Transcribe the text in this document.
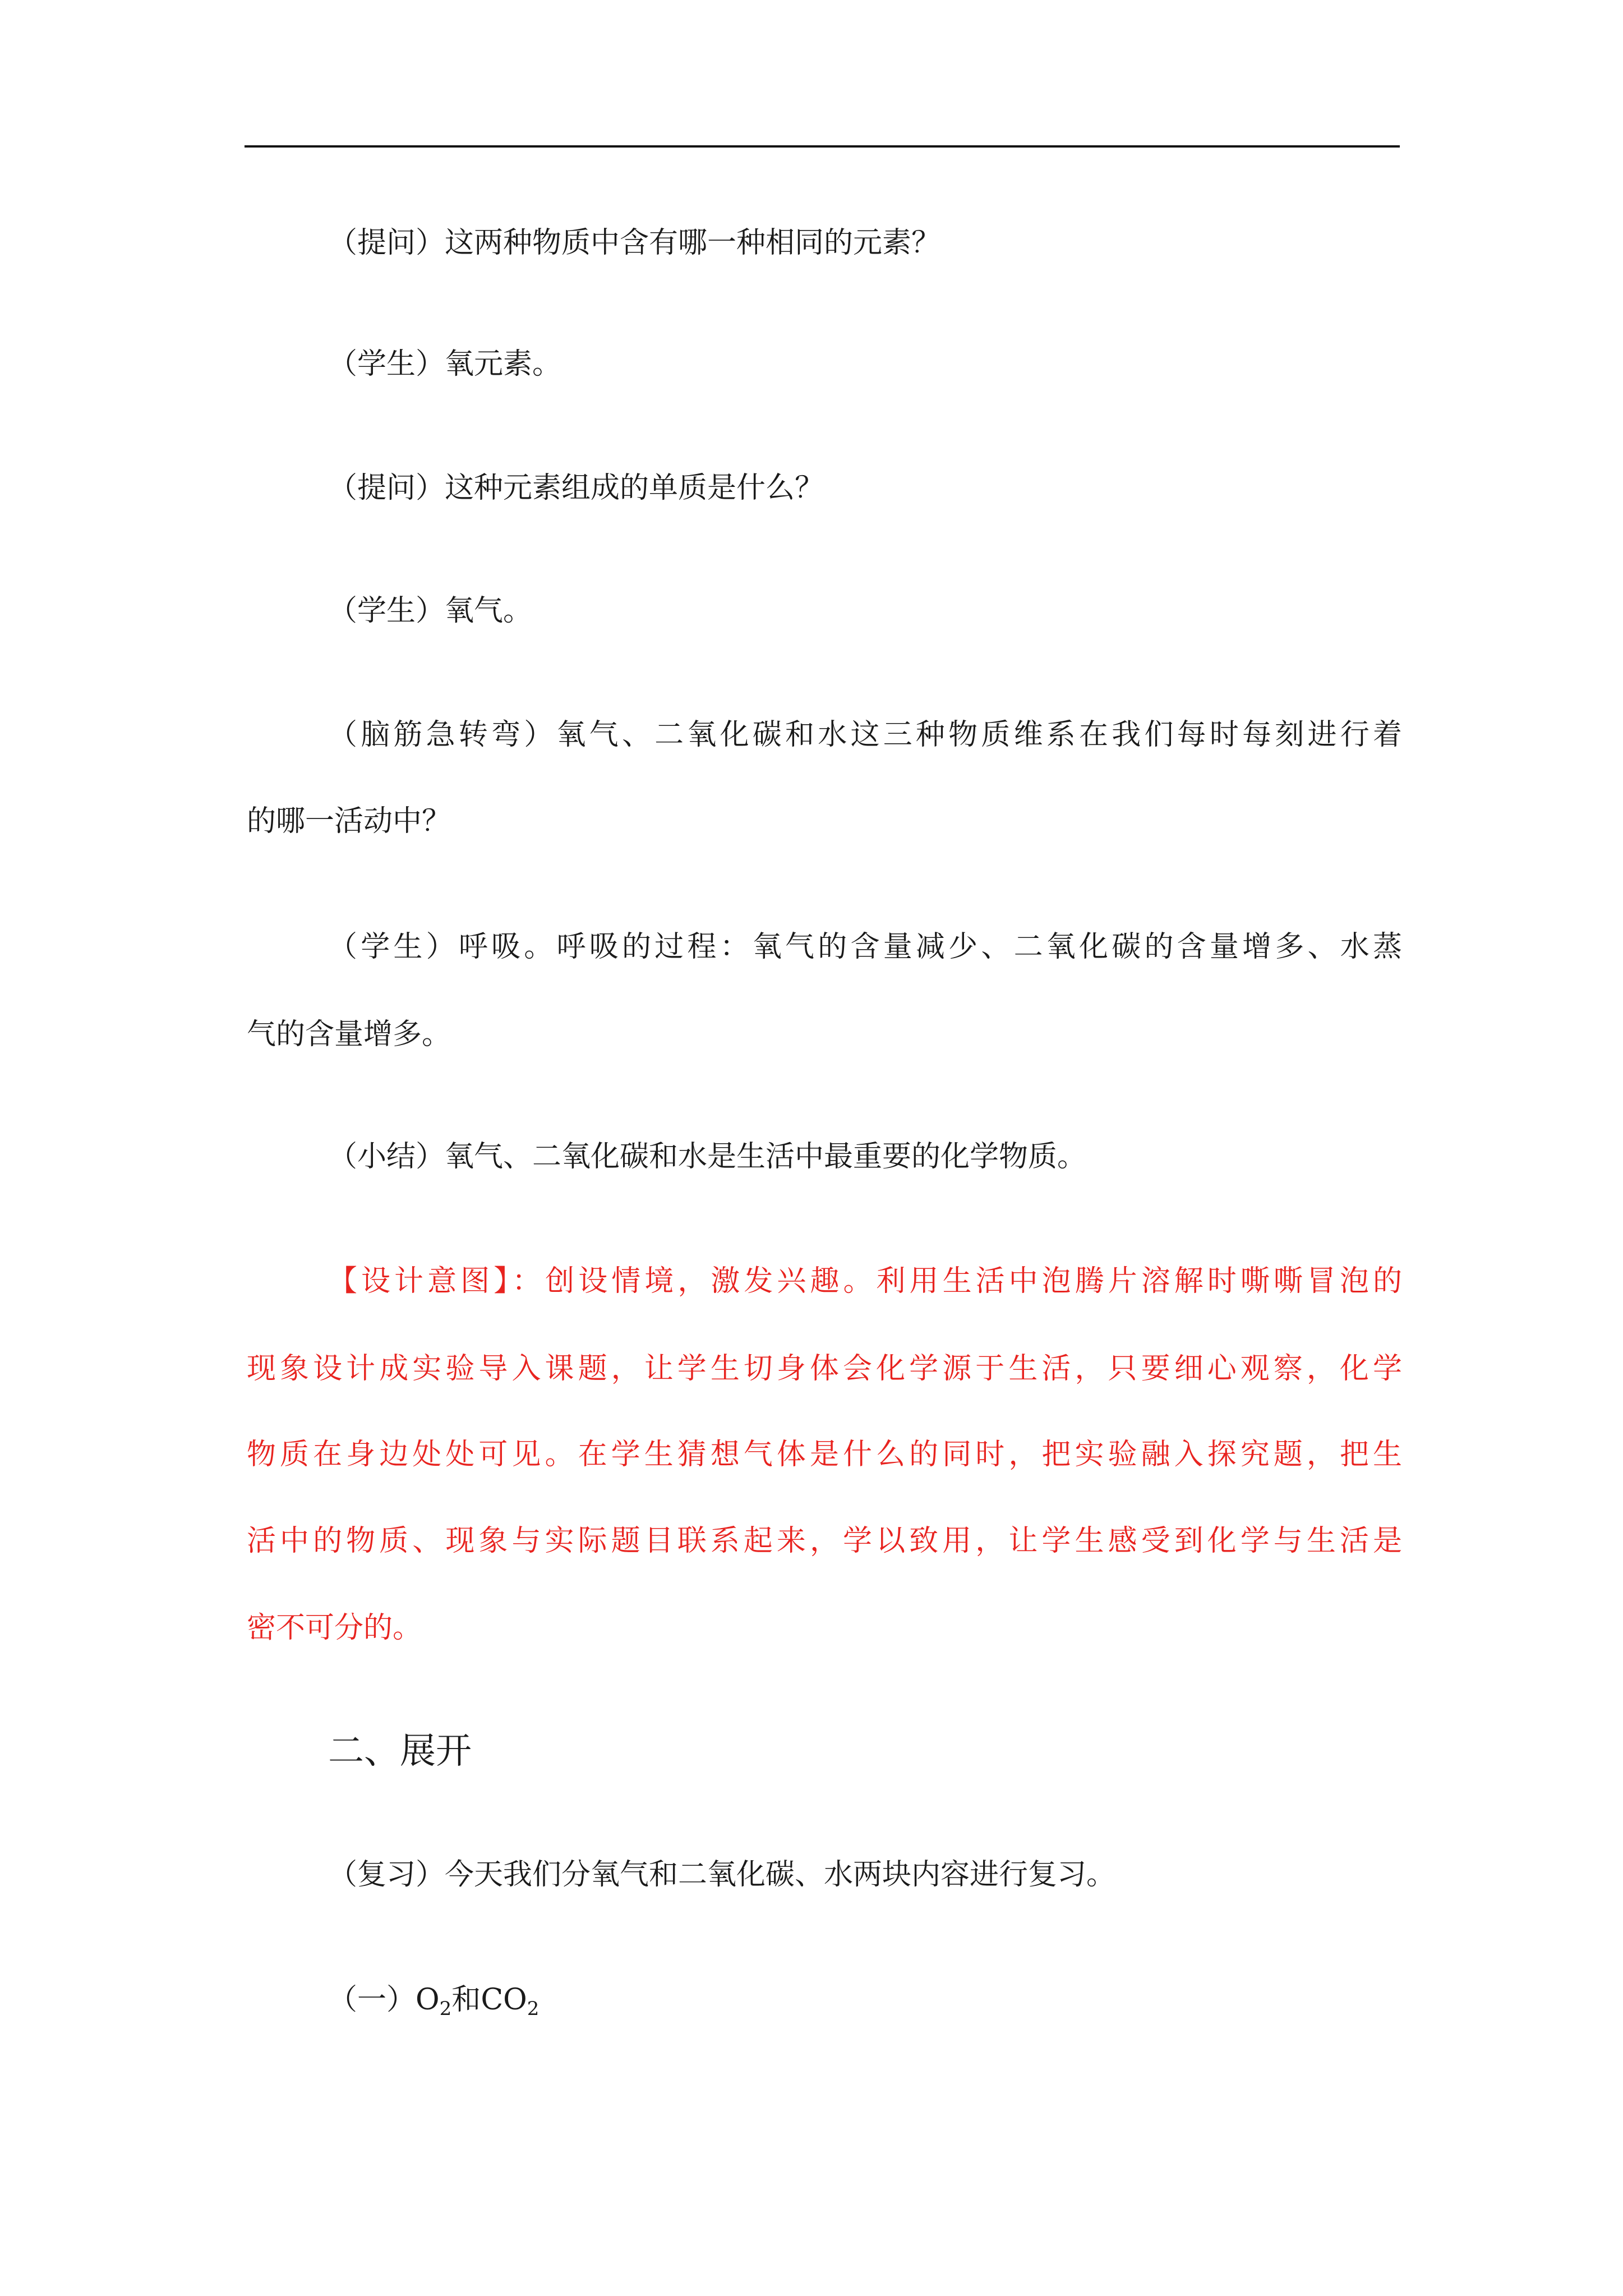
（提问）这两种物质中含有哪一种相同的元素？
（学生）氧元素。
（提问）这种元素组成的单质是什么？
（学生）氧气。
（脑筋急转弯）氧气、二氧化碳和水这三种物质维系在我们每时每刻进行着
的哪一活动中？
（学生）呼吸。呼吸的过程：氧气的含量减少、二氧化碳的含量增多、水蒸
气的含量增多。
（小结）氧气、二氧化碳和水是生活中最重要的化学物质。
【设计意图】：创设情境，激发兴趣。利用生活中泡腾片溶解时嘶嘶冒泡的
现象设计成实验导入课题，让学生切身体会化学源于生活，只要细心观察，化学
物质在身边处处可见。在学生猜想气体是什么的同时，把实验融入探究题，把生
活中的物质、现象与实际题目联系起来，学以致用，让学生感受到化学与生活是
密不可分的。
二、展开
（复习）今天我们分氧气和二氧化碳、水两块内容进行复习。
（一）$O_2$和$CO_2$
